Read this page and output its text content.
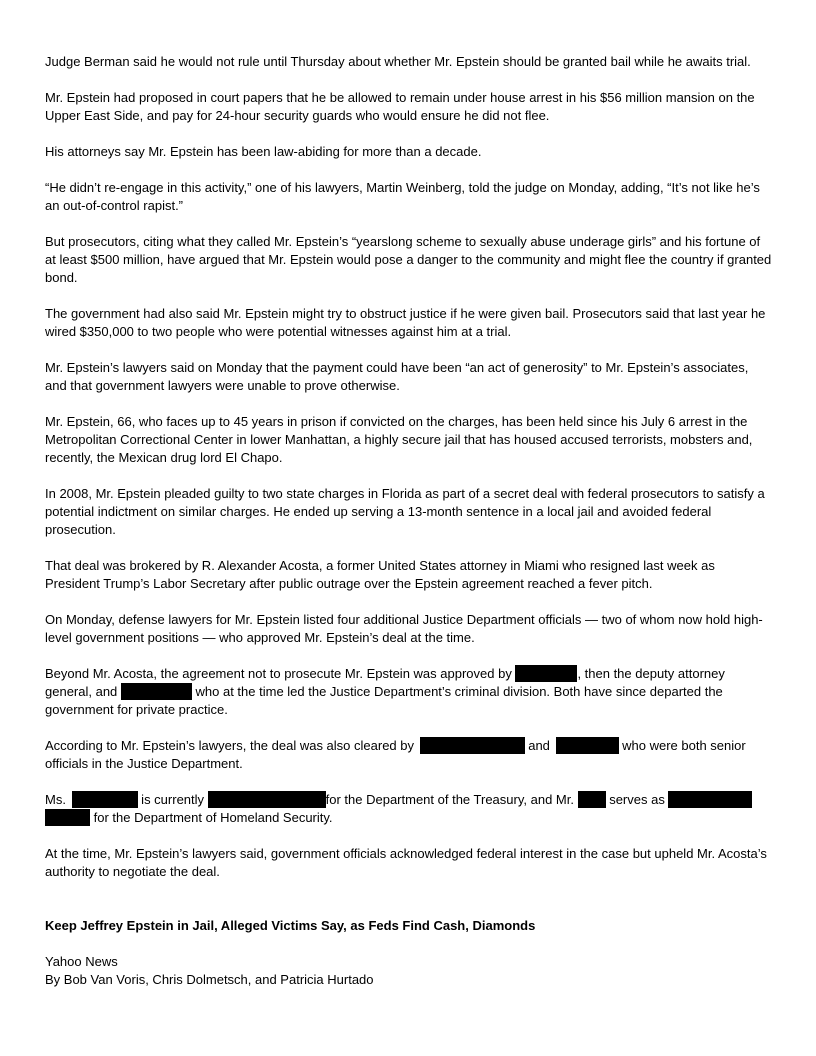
Judge Berman said he would not rule until Thursday about whether Mr. Epstein should be granted bail while he awaits trial.

Mr. Epstein had proposed in court papers that he be allowed to remain under house arrest in his $56 million mansion on the Upper East Side, and pay for 24-hour security guards who would ensure he did not flee.

His attorneys say Mr. Epstein has been law-abiding for more than a decade.

“He didn’t re-engage in this activity,” one of his lawyers, Martin Weinberg, told the judge on Monday, adding, “It’s not like he’s an out-of-control rapist.”

But prosecutors, citing what they called Mr. Epstein’s “yearslong scheme to sexually abuse underage girls” and his fortune of at least $500 million, have argued that Mr. Epstein would pose a danger to the community and might flee the country if granted bond.

The government had also said Mr. Epstein might try to obstruct justice if he were given bail. Prosecutors said that last year he wired $350,000 to two people who were potential witnesses against him at a trial.

Mr. Epstein’s lawyers said on Monday that the payment could have been “an act of generosity” to Mr. Epstein’s associates, and that government lawyers were unable to prove otherwise.

Mr. Epstein, 66, who faces up to 45 years in prison if convicted on the charges, has been held since his July 6 arrest in the Metropolitan Correctional Center in lower Manhattan, a highly secure jail that has housed accused terrorists, mobsters and, recently, the Mexican drug lord El Chapo.

In 2008, Mr. Epstein pleaded guilty to two state charges in Florida as part of a secret deal with federal prosecutors to satisfy a potential indictment on similar charges. He ended up serving a 13-month sentence in a local jail and avoided federal prosecution.

That deal was brokered by R. Alexander Acosta, a former United States attorney in Miami who resigned last week as President Trump’s Labor Secretary after public outrage over the Epstein agreement reached a fever pitch.

On Monday, defense lawyers for Mr. Epstein listed four additional Justice Department officials — two of whom now hold high-level government positions — who approved Mr. Epstein’s deal at the time.

Beyond Mr. Acosta, the agreement not to prosecute Mr. Epstein was approved by	, then the deputy attorney general, and	who at the time led the Justice Department’s criminal division. Both have since departed the government for private practice.

According to Mr. Epstein’s lawyers, the deal was also cleared by	and	who were both senior officials in the Justice Department.

Ms.	is currently	for the Department of the Treasury, and Mr.  serves as  for the Department of Homeland Security.

At the time, Mr. Epstein’s lawyers said, government officials acknowledged federal interest in the case but upheld Mr. Acosta’s authority to negotiate the deal.

Keep Jeffrey Epstein in Jail, Alleged Victims Say, as Feds Find Cash, Diamonds

Yahoo News

By Bob Van Voris, Chris Dolmetsch, and Patricia Hurtado
